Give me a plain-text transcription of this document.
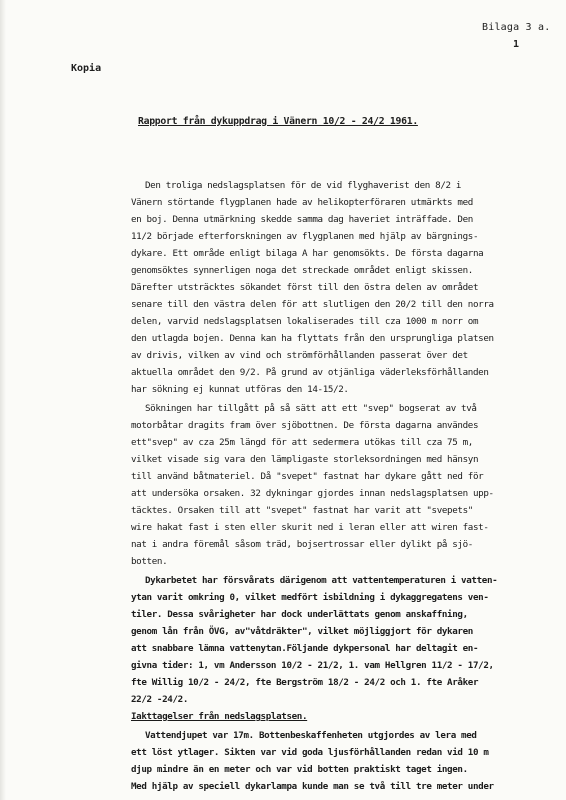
Bilaga 3 a.
1
Kopia
Rapport från dykuppdrag i Vänern 10/2 - 24/2 1961.
Den troliga nedslagsplatsen för de vid flyghaverist den 8/2 i
Vänern störtande flygplanen hade av helikopterföraren utmärkts med
en boj. Denna utmärkning skedde samma dag haveriet inträffade. Den
11/2 började efterforskningen av flygplanen med hjälp av bärgnings-
dykare. Ett område enligt bilaga A har genomsökts. De första dagarna
genomsöktes synnerligen noga det streckade området enligt skissen.
Därefter utsträcktes sökandet först till den östra delen av området
senare till den västra delen för att slutligen den 20/2 till den norra
delen, varvid nedslagsplatsen lokaliserades till cza 1000 m norr om
den utlagda bojen. Denna kan ha flyttats från den ursprungliga platsen
av drivis, vilken av vind och strömförhållanden passerat över det
aktuella området den 9/2. På grund av otjänliga väderleksförhållanden
har sökning ej kunnat utföras den 14-15/2.
Sökningen har tillgått på så sätt att ett "svep" bogserat av två
motorbåtar dragits fram över sjöbottnen. De första dagarna användes
ett"svep" av cza 25m längd för att sedermera utökas till cza 75 m,
vilket visade sig vara den lämpligaste storleksordningen med hänsyn
till använd båtmateriel. Då "svepet" fastnat har dykare gått ned för
att undersöka orsaken. 32 dykningar gjordes innan nedslagsplatsen upp-
täcktes. Orsaken till att "svepet" fastnat har varit att "svepets"
wire hakat fast i sten eller skurit ned i leran eller att wiren fast-
nat i andra föremål såsom träd, bojsertrossar eller dylikt på sjö-
botten.
Dykarbetet har försvårats därigenom att vattentemperaturen i vatten-
ytan varit omkring 0, vilket medfört isbildning i dykaggregatens ven-
tiler. Dessa svårigheter har dock underlättats genom anskaffning,
genom lån från ÖVG, av"våtdräkter", vilket möjliggjort för dykaren
att snabbare lämna vattenytan.Följande dykpersonal har deltagit en-
givna tider: 1, vm Andersson 10/2 - 21/2, 1. vam Hellgren 11/2 - 17/2,
fte Willig 10/2 - 24/2, fte Bergström 18/2 - 24/2 och 1. fte Aråker
22/2 -24/2.
Iakttagelser från nedslagsplatsen.
Vattendjupet var 17m. Bottenbeskaffenheten utgjordes av lera med
ett löst ytlager. Sikten var vid goda ljusförhållanden redan vid 10 m
djup mindre än en meter och var vid botten praktiskt taget ingen.
Med hjälp av speciell dykarlampa kunde man se två till tre meter under
